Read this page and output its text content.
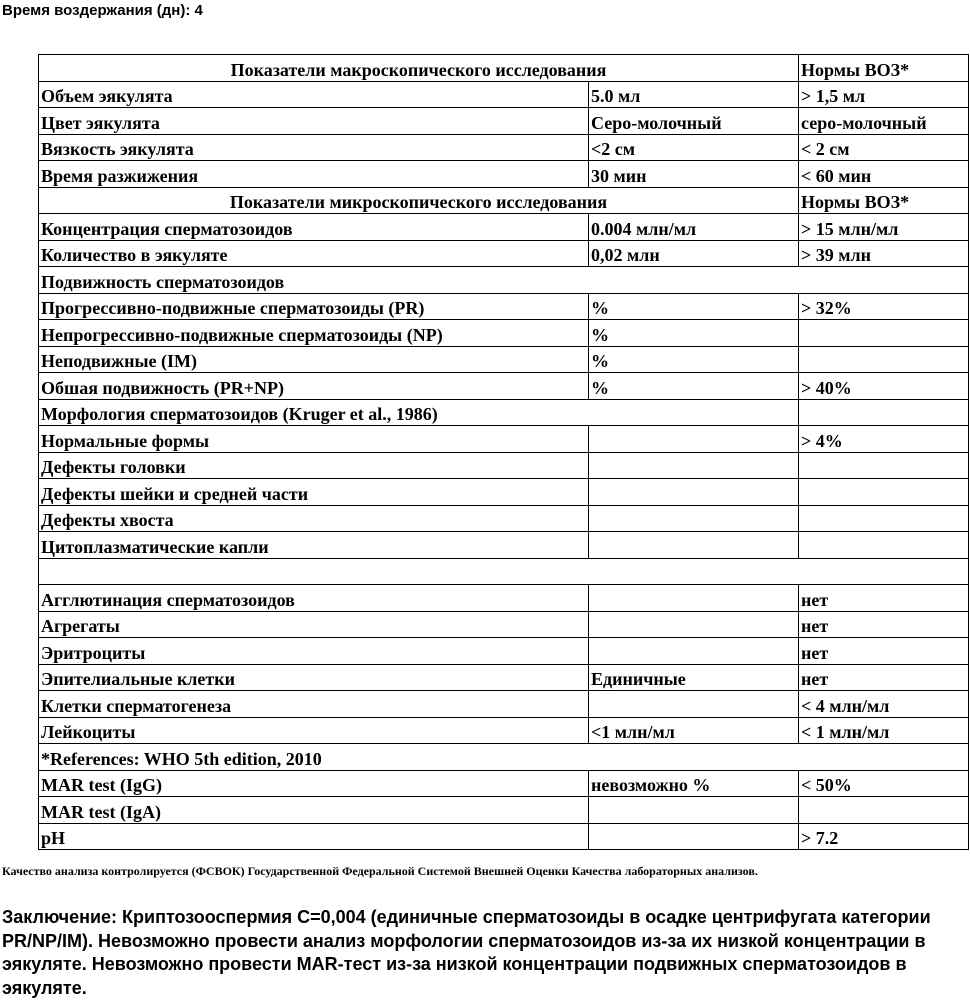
Время воздержания (дн): 4
Показатели макроскопического исследования		Нормы ВОЗ*
Объем эякулята	5.0 мл	> 1,5 мл
Цвет эякулята	Серо-молочный	серо-молочный
Вязкость эякулята	<2 см	< 2 см
Время разжижения	30 мин	< 60 мин
Показатели микроскопического исследования		Нормы ВОЗ*
Концентрация сперматозоидов	0.004 млн/мл	> 15 млн/мл
Количество в эякуляте	0,02 млн	> 39 млн
Подвижность сперматозоидов		
Прогрессивно-подвижные сперматозоиды (PR)	%	> 32%
Непрогрессивно-подвижные сперматозоиды (NP)	%	
Неподвижные (IM)	%	
Обшая подвижность (PR+NP)	%	> 40%
Морфология сперматозоидов (Kruger et al., 1986)		
Нормальные формы		> 4%
Дефекты головки		
Дефекты шейки и средней части		
Дефекты хвоста		
Цитоплазматические капли		

Агглютинация сперматозоидов		нет
Агрегаты		нет
Эритроциты		нет
Эпителиальные клетки	Единичные	нет
Клетки сперматогенеза		< 4 млн/мл
Лейкоциты	<1 млн/мл	< 1 млн/мл
*References: WHO 5th edition, 2010		
MAR test (IgG)	невозможно %	< 50%
MAR test (IgA)		
pH		> 7.2
Качество анализа контролируется (ФСВОК) Государственной Федеральной Системой Внешней Оценки Качества лабораторных анализов.
Заключение: Криптозооспермия С=0,004 (единичные сперматозоиды в осадке центрифугата категории PR/NP/IM). Невозможно провести анализ морфологии сперматозоидов из-за их низкой концентрации в эякуляте. Невозможно провести MAR-тест из-за низкой концентрации подвижных сперматозоидов в эякуляте.
